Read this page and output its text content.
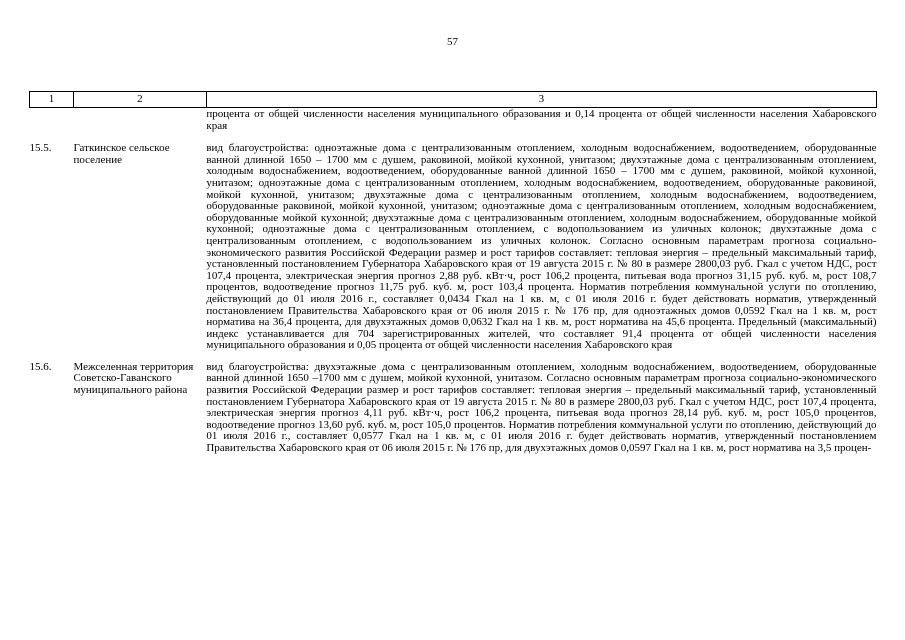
57
1	2	3
		процента от общей численности населения муниципального образования и 0,14 процента от общей численности населения Хабаровского края
15.5.	Гаткинское сельское поселение	вид благоустройства: одноэтажные дома с централизованным отоплением, холодным водоснабжением, водоотведением, оборудованные ванной длинной 1650 – 1700 мм с душем, раковиной, мойкой кухонной, унитазом; двухэтажные дома с централизованным отоплением, холодным водоснабжением, водоотведением, оборудованные ванной длинной 1650 – 1700 мм с душем, раковиной, мойкой кухонной, унитазом; одноэтажные дома с централизованным отоплением, холодным водоснабжением, водоотведением, оборудованные раковиной, мойкой кухонной, унитазом; двухэтажные дома с централизованным отоплением, холодным водоснабжением, водоотведением, оборудованные раковиной, мойкой кухонной, унитазом; одноэтажные дома с централизованным отоплением, холодным водоснабжением, оборудованные мойкой кухонной; двухэтажные дома с централизованным отоплением, холодным водоснабжением, оборудованные мойкой кухонной; одноэтажные дома с централизованным отоплением, с водопользованием из уличных колонок; двухэтажные дома с централизованным отоплением, с водопользованием из уличных колонок. Согласно основным параметрам прогноза социально-экономического развития Российской Федерации размер и рост тарифов составляет: тепловая энергия – предельный максимальный тариф, установленный постановлением Губернатора Хабаровского края от 19 августа 2015 г. № 80 в размере 2800,03 руб. Гкал с учетом НДС, рост 107,4 процента, электрическая энергия прогноз 2,88 руб. кВт·ч, рост 106,2 процента, питьевая вода прогноз 31,15 руб. куб. м, рост 108,7 процентов, водоотведение прогноз 11,75 руб. куб. м, рост 103,4 процента. Норматив потребления коммунальной услуги по отоплению, действующий до 01 июля 2016 г., составляет 0,0434 Гкал на 1 кв. м, с 01 июля 2016 г. будет действовать норматив, утвержденный постановлением Правительства Хабаровского края от 06 июля 2015 г. № 176 пр, для одноэтажных домов 0,0592 Гкал на 1 кв. м, рост норматива на 36,4 процента, для двухэтажных домов 0,0632 Гкал на 1 кв. м, рост норматива на 45,6 процента. Предельный (максимальный) индекс устанавливается для 704 зарегистрированных жителей, что составляет 91,4 процента от общей численности населения муниципального образования и 0,05 процента от общей численности населения Хабаровского края
15.6.	Межселенная территория Советско-Гаванского муниципального района	вид благоустройства: двухэтажные дома с централизованным отоплением, холодным водоснабжением, водоотведением, оборудованные ванной длинной 1650 –1700 мм с душем, мойкой кухонной, унитазом. Согласно основным параметрам прогноза социально-экономического развития Российской Федерации размер и рост тарифов составляет: тепловая энергия – предельный максимальный тариф, установленный постановлением Губернатора Хабаровского края от 19 августа 2015 г. № 80 в размере 2800,03 руб. Гкал с учетом НДС, рост 107,4 процента, электрическая энергия прогноз 4,11 руб. кВт·ч, рост 106,2 процента, питьевая вода прогноз 28,14 руб. куб. м, рост 105,0 процентов, водоотведение прогноз 13,60 руб. куб. м, рост 105,0 процентов. Норматив потребления коммунальной услуги по отоплению, действующий до 01 июля 2016 г., составляет 0,0577 Гкал на 1 кв. м, с 01 июля 2016 г. будет действовать норматив, утвержденный постановлением Правительства Хабаровского края от 06 июля 2015 г. № 176 пр, для двухэтажных домов 0,0597 Гкал на 1 кв. м, рост норматива на 3,5 процен-
